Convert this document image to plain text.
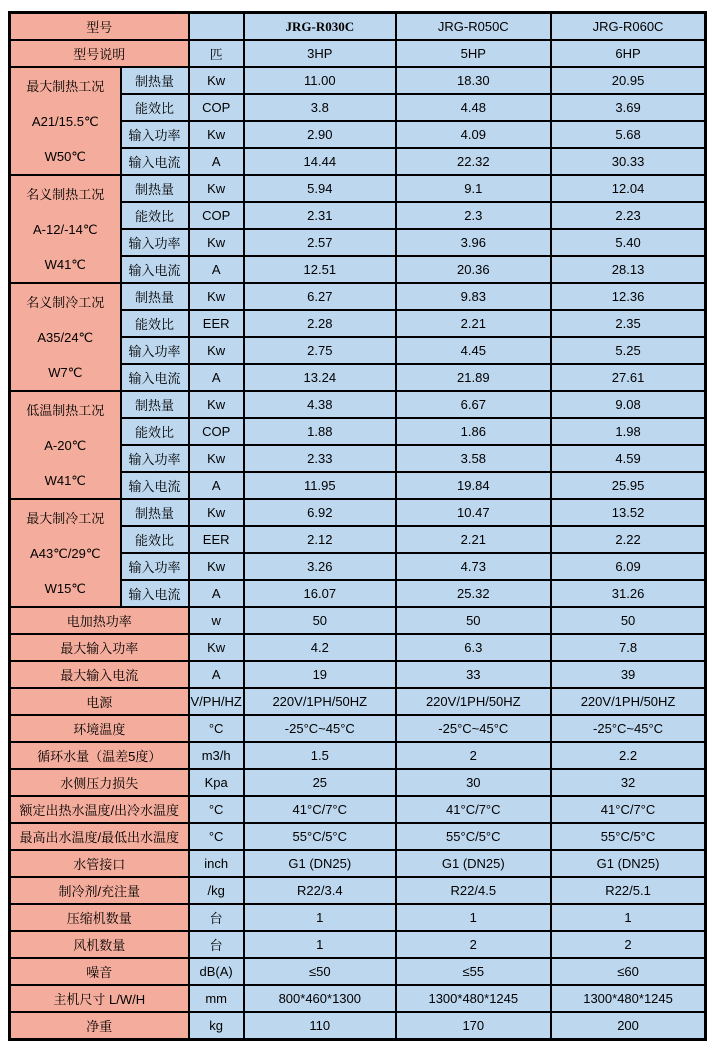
型号			JRG-R030C	JRG-R050C	JRG-R060C
型号说明		匹	3HP	5HP	6HP

最大制热工况
A21/15.5℃
W50℃	制热量	Kw	11.00	18.30	20.95
	能效比	COP	3.8	4.48	3.69
	输入功率	Kw	2.90	4.09	5.68
	输入电流	A	14.44	22.32	30.33

名义制热工况
A-12/-14℃
W41℃	制热量	Kw	5.94	9.1	12.04
	能效比	COP	2.31	2.3	2.23
	输入功率	Kw	2.57	3.96	5.40
	输入电流	A	12.51	20.36	28.13

名义制冷工况
A35/24℃
W7℃	制热量	Kw	6.27	9.83	12.36
	能效比	EER	2.28	2.21	2.35
	输入功率	Kw	2.75	4.45	5.25
	输入电流	A	13.24	21.89	27.61

低温制热工况
A-20℃
W41℃	制热量	Kw	4.38	6.67	9.08
	能效比	COP	1.88	1.86	1.98
	输入功率	Kw	2.33	3.58	4.59
	输入电流	A	11.95	19.84	25.95

最大制冷工况
A43℃/29℃
W15℃	制热量	Kw	6.92	10.47	13.52
	能效比	EER	2.12	2.21	2.22
	输入功率	Kw	3.26	4.73	6.09
	输入电流	A	16.07	25.32	31.26
电加热功率		w	50	50	50
最大输入功率		Kw	4.2	6.3	7.8
最大输入电流		A	19	33	39
电源		V/PH/HZ	220V/1PH/50HZ	220V/1PH/50HZ	220V/1PH/50HZ
环境温度		°C	-25°C~45°C	-25°C~45°C	-25°C~45°C
循环水量（温差5度）		m3/h	1.5	2	2.2
水侧压力损失		Kpa	25	30	32
额定出热水温度/出冷水温度		°C	41°C/7°C	41°C/7°C	41°C/7°C
最高出水温度/最低出水温度		°C	55°C/5°C	55°C/5°C	55°C/5°C
水管接口		inch	G1 (DN25)	G1 (DN25)	G1 (DN25)
制冷剂/充注量		/kg	R22/3.4	R22/4.5	R22/5.1
压缩机数量		台	1	1	1
风机数量		台	1	2	2
噪音		dB(A)	≤50	≤55	≤60
主机尺寸 L/W/H		mm	800*460*1300	1300*480*1245	1300*480*1245
净重		kg	110	170	200
